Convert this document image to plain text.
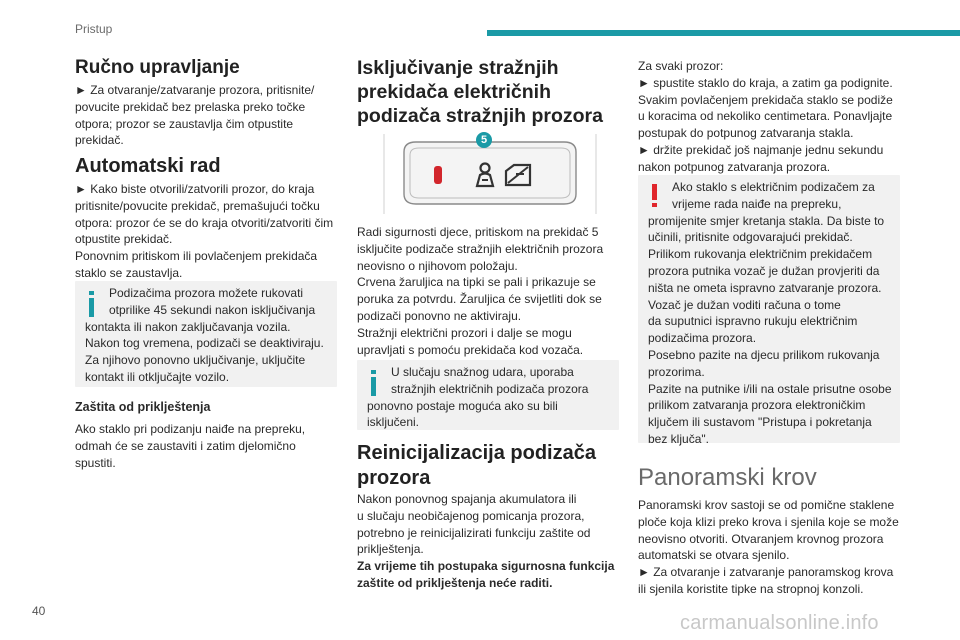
Pristup
Ručno upravljanje

► Za otvaranje/zatvaranje prozora, pritisnite/

povucite prekidač bez prelaska preko točke

otpora; prozor se zaustavlja čim otpustite

prekidač.

Automatski rad

► Kako biste otvorili/zatvorili prozor, do kraja

pritisnite/povucite prekidač, premašujući točku

otpora: prozor će se do kraja otvoriti/zatvoriti čim

otpustite prekidač.

Ponovnim pritiskom ili povlačenjem prekidača

staklo se zaustavlja.

Podizačima prozora možete rukovati

otprilike 45 sekundi nakon isključivanja

kontakta ili nakon zaključavanja vozila.

Nakon tog vremena, podizači se deaktiviraju.

Za njihovo ponovno uključivanje, uključite

kontakt ili otključajte vozilo.

Zaštita od priklještenja

Ako staklo pri podizanju naiđe na prepreku,

odmah će se zaustaviti i zatim djelomično

spustiti.

Isključivanje stražnjih
prekidača električnih
podizača stražnjih prozora
5

Radi sigurnosti djece, pritiskom na prekidač 5

isključite podizače stražnjih električnih prozora

neovisno o njihovom položaju.

Crvena žaruljica na tipki se pali i prikazuje se

poruka za potvrdu. Žaruljica će svijetliti dok se

podizači ponovno ne aktiviraju.

Stražnji električni prozori i dalje se mogu

upravljati s pomoću prekidača kod vozača.

U slučaju snažnog udara, uporaba

stražnjih električnih podizača prozora

ponovno postaje moguća ako su bili

isključeni.

Reinicijalizacija podizača
prozora

Nakon ponovnog spajanja akumulatora ili

u slučaju neobičajenog pomicanja prozora,

potrebno je reinicijalizirati funkciju zaštite od

priklještenja.

Za vrijeme tih postupaka sigurnosna funkcija

zaštite od priklještenja neće raditi.

Za svaki prozor:

► spustite staklo do kraja, a zatim ga podignite.

Svakim povlačenjem prekidača staklo se podiže

u koracima od nekoliko centimetara. Ponavljajte

postupak do potpunog zatvaranja stakla.

► držite prekidač još najmanje jednu sekundu

nakon potpunog zatvaranja prozora.

Ako staklo s električnim podizačem za

vrijeme rada naiđe na prepreku,

promijenite smjer kretanja stakla. Da biste to

učinili, pritisnite odgovarajući prekidač.

Prilikom rukovanja električnim prekidačem

prozora putnika vozač je dužan provjeriti da

ništa ne ometa ispravno zatvaranje prozora.

Vozač je dužan voditi računa o tome

da suputnici ispravno rukuju električnim

podizačima prozora.

Posebno pazite na djecu prilikom rukovanja

prozorima.

Pazite na putnike i/ili na ostale prisutne osobe

prilikom zatvaranja prozora elektroničkim

ključem ili sustavom "Pristupa i pokretanja

bez ključa".

Panoramski krov

Panoramski krov sastoji se od pomične staklene

ploče koja klizi preko krova i sjenila koje se može

neovisno otvoriti. Otvaranjem krovnog prozora

automatski se otvara sjenilo.

► Za otvaranje i zatvaranje panoramskog krova

ili sjenila koristite tipke na stropnoj konzoli.

40
carmanualsonline.info
